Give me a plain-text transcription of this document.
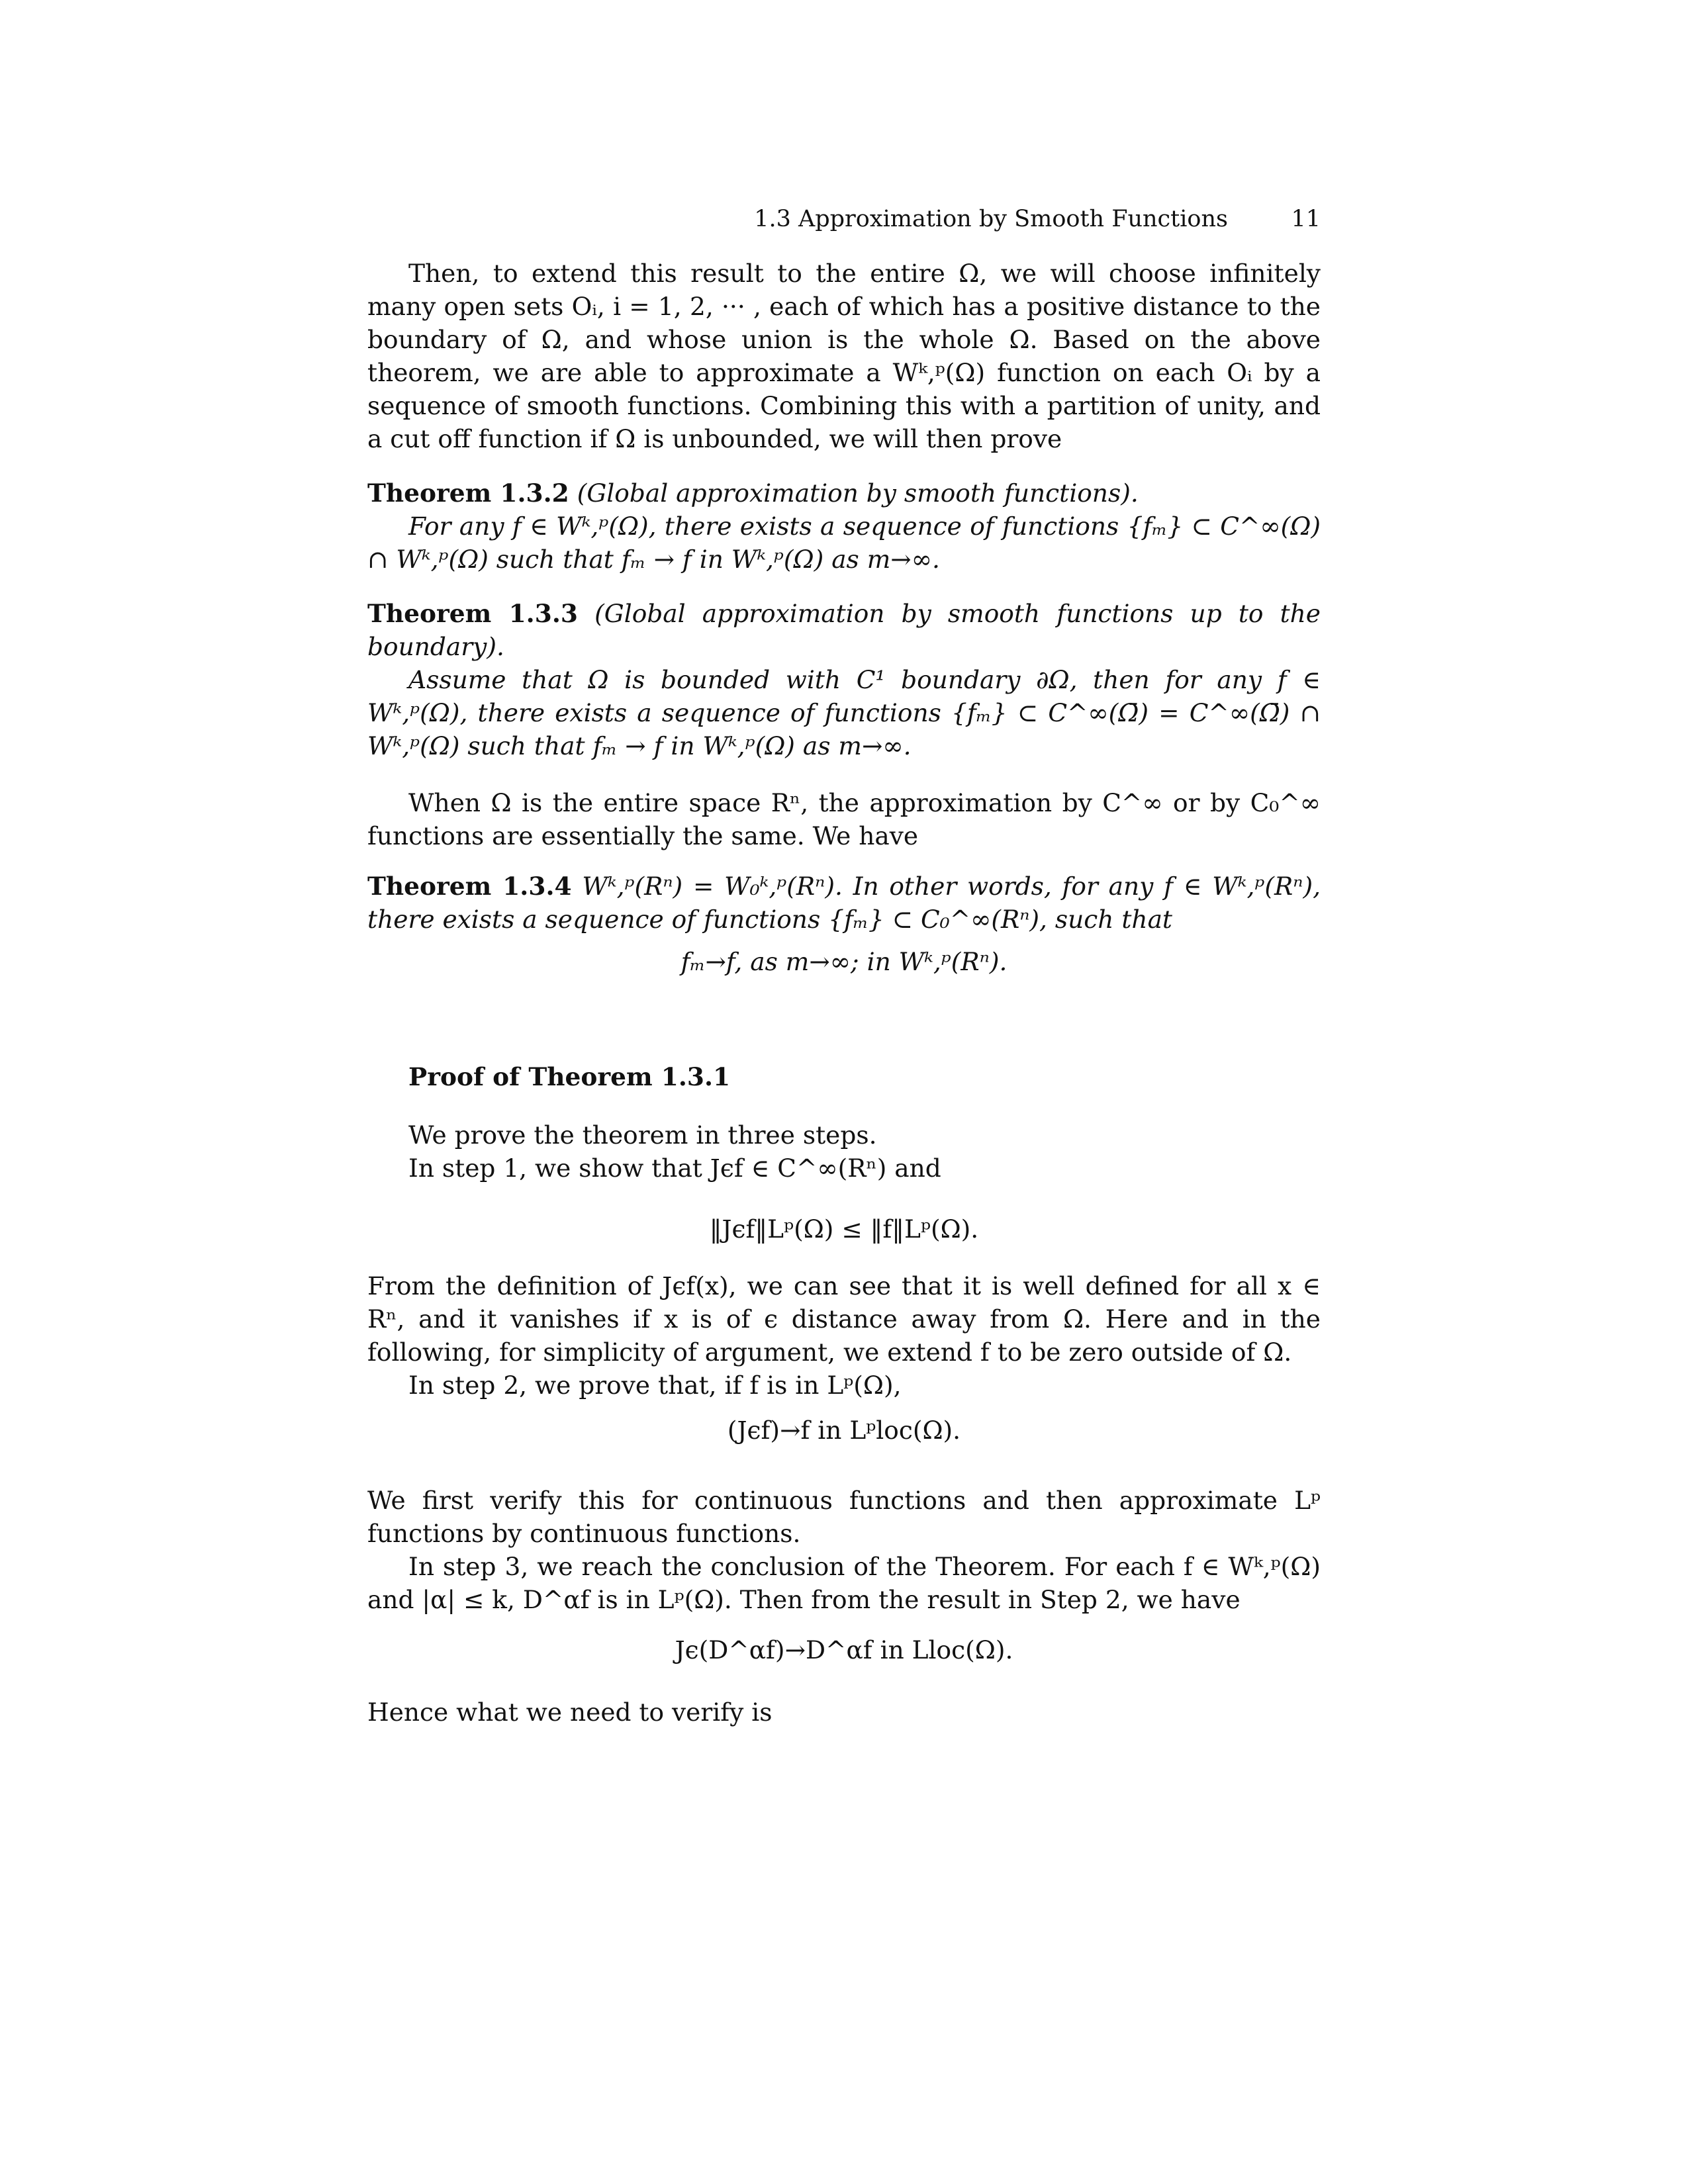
1.3 Approximation by Smooth Functions	11

Then, to extend this result to the entire Ω, we will choose infinitely many open sets Oᵢ, i = 1, 2, ··· , each of which has a positive distance to the boundary of Ω, and whose union is the whole Ω. Based on the above theorem, we are able to approximate a Wᵏ,ᵖ(Ω) function on each Oᵢ by a sequence of smooth functions. Combining this with a partition of unity, and a cut off function if Ω is unbounded, we will then prove

Theorem 1.3.2 (Global approximation by smooth functions).
For any f ∈ Wᵏ,ᵖ(Ω), there exists a sequence of functions {fₘ} ⊂ C^∞(Ω) ∩ Wᵏ,ᵖ(Ω) such that fₘ → f in Wᵏ,ᵖ(Ω) as m→∞.

Theorem 1.3.3 (Global approximation by smooth functions up to the boundary).
Assume that Ω is bounded with C¹ boundary ∂Ω, then for any f ∈ Wᵏ,ᵖ(Ω), there exists a sequence of functions {fₘ} ⊂ C^∞(Ω̄) = C^∞(Ω̄) ∩ Wᵏ,ᵖ(Ω) such that fₘ → f in Wᵏ,ᵖ(Ω) as m→∞.

When Ω is the entire space Rⁿ, the approximation by C^∞ or by C₀^∞ functions are essentially the same. We have

Theorem 1.3.4 Wᵏ,ᵖ(Rⁿ) = W₀ᵏ,ᵖ(Rⁿ). In other words, for any f ∈ Wᵏ,ᵖ(Rⁿ), there exists a sequence of functions {fₘ} ⊂ C₀^∞(Rⁿ), such that

fₘ→f, as m→∞; in Wᵏ,ᵖ(Rⁿ).
Proof of Theorem 1.3.1

We prove the theorem in three steps.

In step 1, we show that Jϵf ∈ C^∞(Rⁿ) and

‖Jϵf‖Lᵖ(Ω) ≤ ‖f‖Lᵖ(Ω).

From the definition of Jϵf(x), we can see that it is well defined for all x ∈ Rⁿ, and it vanishes if x is of ϵ distance away from Ω. Here and in the following, for simplicity of argument, we extend f to be zero outside of Ω.

In step 2, we prove that, if f is in Lᵖ(Ω),

(Jϵf)→f in Lᵖloc(Ω).

We first verify this for continuous functions and then approximate Lᵖ functions by continuous functions.

In step 3, we reach the conclusion of the Theorem. For each f ∈ Wᵏ,ᵖ(Ω) and |α| ≤ k, D^αf is in Lᵖ(Ω). Then from the result in Step 2, we have

Jϵ(D^αf)→D^αf in Lloc(Ω).

Hence what we need to verify is
